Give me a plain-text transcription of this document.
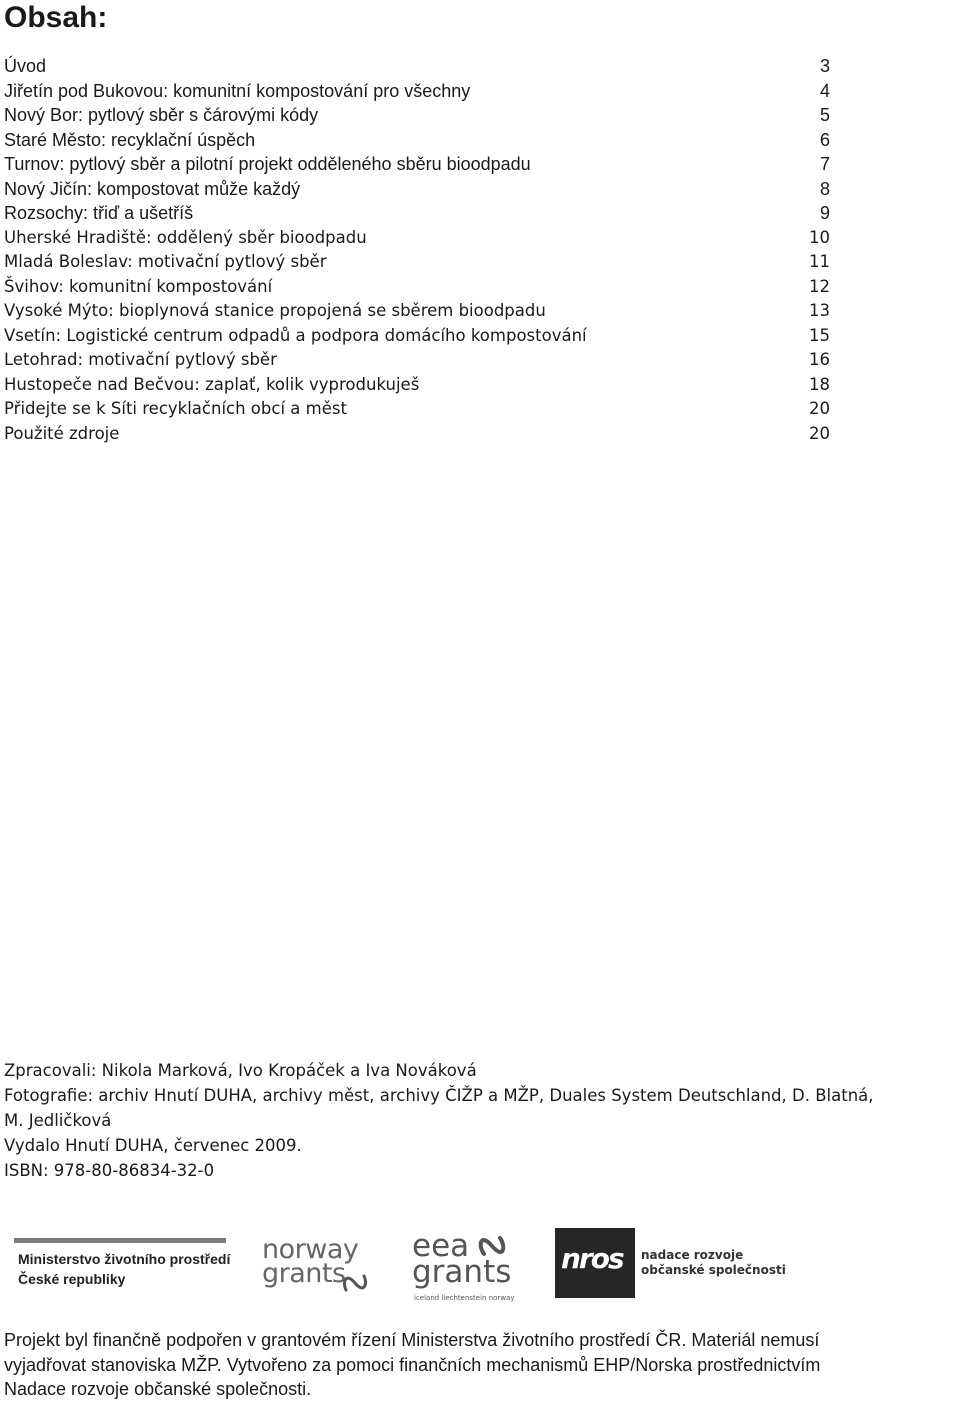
Obsah:
Úvod	3
Jiřetín pod Bukovou: komunitní kompostování pro všechny	4
Nový Bor: pytlový sběr s čárovými kódy	5
Staré Město: recyklační úspěch	6
Turnov: pytlový sběr a pilotní projekt odděleného sběru bioodpadu	7
Nový Jičín: kompostovat může každý	8
Rozsochy: třiď a ušetříš	9
Uherské Hradiště: oddělený sběr bioodpadu	10
Mladá Boleslav: motivační pytlový sběr	11
Švihov: komunitní kompostování	12
Vysoké Mýto: bioplynová stanice propojená se sběrem bioodpadu	13
Vsetín: Logistické centrum odpadů a podpora domácího kompostování	15
Letohrad: motivační pytlový sběr	16
Hustopeče nad Bečvou: zaplať, kolik vyprodukuješ	18
Přidejte se k Síti recyklačních obcí a měst	20
Použité zdroje	20

Zpracovali: Nikola Marková, Ivo Kropáček a Iva Nováková

Fotografie: archiv Hnutí DUHA, archivy měst, archivy ČIŽP a MŽP, Duales System Deutschland, D. Blatná,

M. Jedličková

Vydalo Hnutí DUHA, červenec 2009.

ISBN: 978-80-86834-32-0

Ministerstvo životního prostředí
České republiky
norway
grants
eea
grants
iceland liechtenstein norway
nros nadace rozvoje
občanské společnosti

Projekt byl finančně podpořen v grantovém řízení Ministerstva životního prostředí ČR. Materiál nemusí

vyjadřovat stanoviska MŽP. Vytvořeno za pomoci finančních mechanismů EHP/Norska prostřednictvím

Nadace rozvoje občanské společnosti.
